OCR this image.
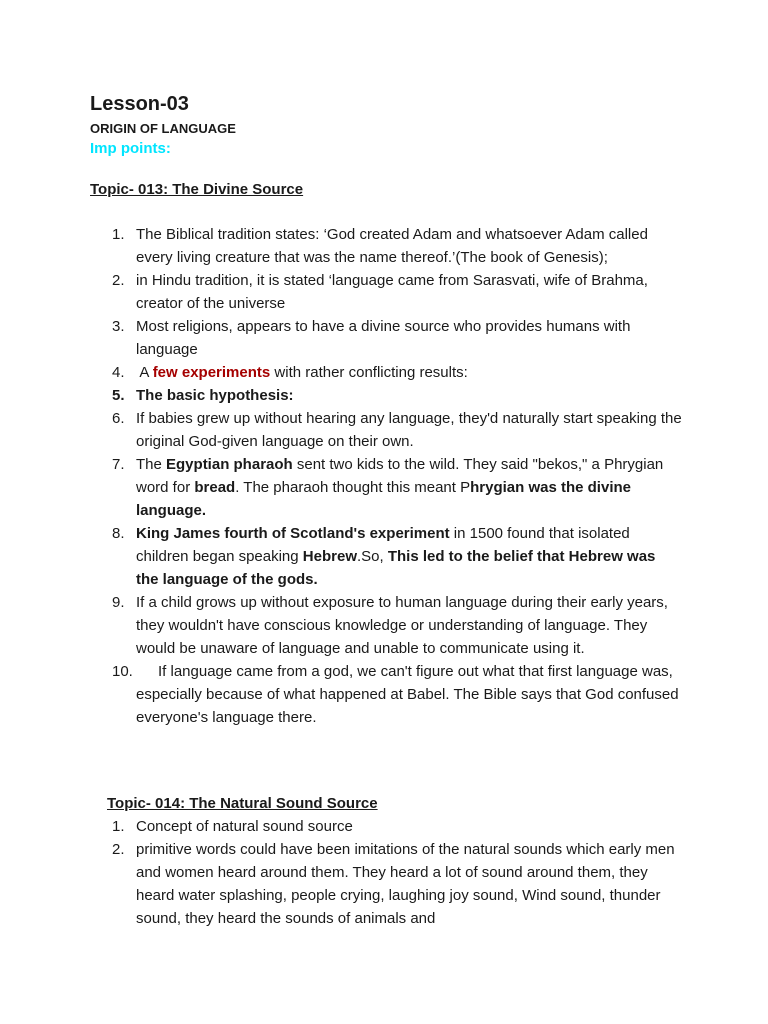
Lesson-03
ORIGIN OF LANGUAGE
Imp points:
Topic- 013: The Divine Source
1. The Biblical tradition states: ‘God created Adam and whatsoever Adam called every living creature that was the name thereof.’(The book of Genesis);
2. in Hindu tradition, it is stated ‘language came from Sarasvati, wife of Brahma, creator of the universe
3. Most religions, appears to have a divine source who provides humans with language
4. A few experiments with rather conflicting results:
5. The basic hypothesis:
6. If babies grew up without hearing any language, they'd naturally start speaking the original God-given language on their own.
7. The Egyptian pharaoh sent two kids to the wild. They said "bekos," a Phrygian word for bread. The pharaoh thought this meant Phrygian was the divine language.
8. King James fourth of Scotland's experiment in 1500 found that isolated children began speaking Hebrew.So, This led to the belief that Hebrew was the language of the gods.
9. If a child grows up without exposure to human language during their early years, they wouldn't have conscious knowledge or understanding of language. They would be unaware of language and unable to communicate using it.
10. If language came from a god, we can't figure out what that first language was, especially because of what happened at Babel. The Bible says that God confused everyone's language there.
Topic- 014: The Natural Sound Source
1. Concept of natural sound source
2. primitive words could have been imitations of the natural sounds which early men and women heard around them. They heard a lot of sound around them, they heard water splashing, people crying, laughing joy sound, Wind sound, thunder sound, they heard the sounds of animals and
